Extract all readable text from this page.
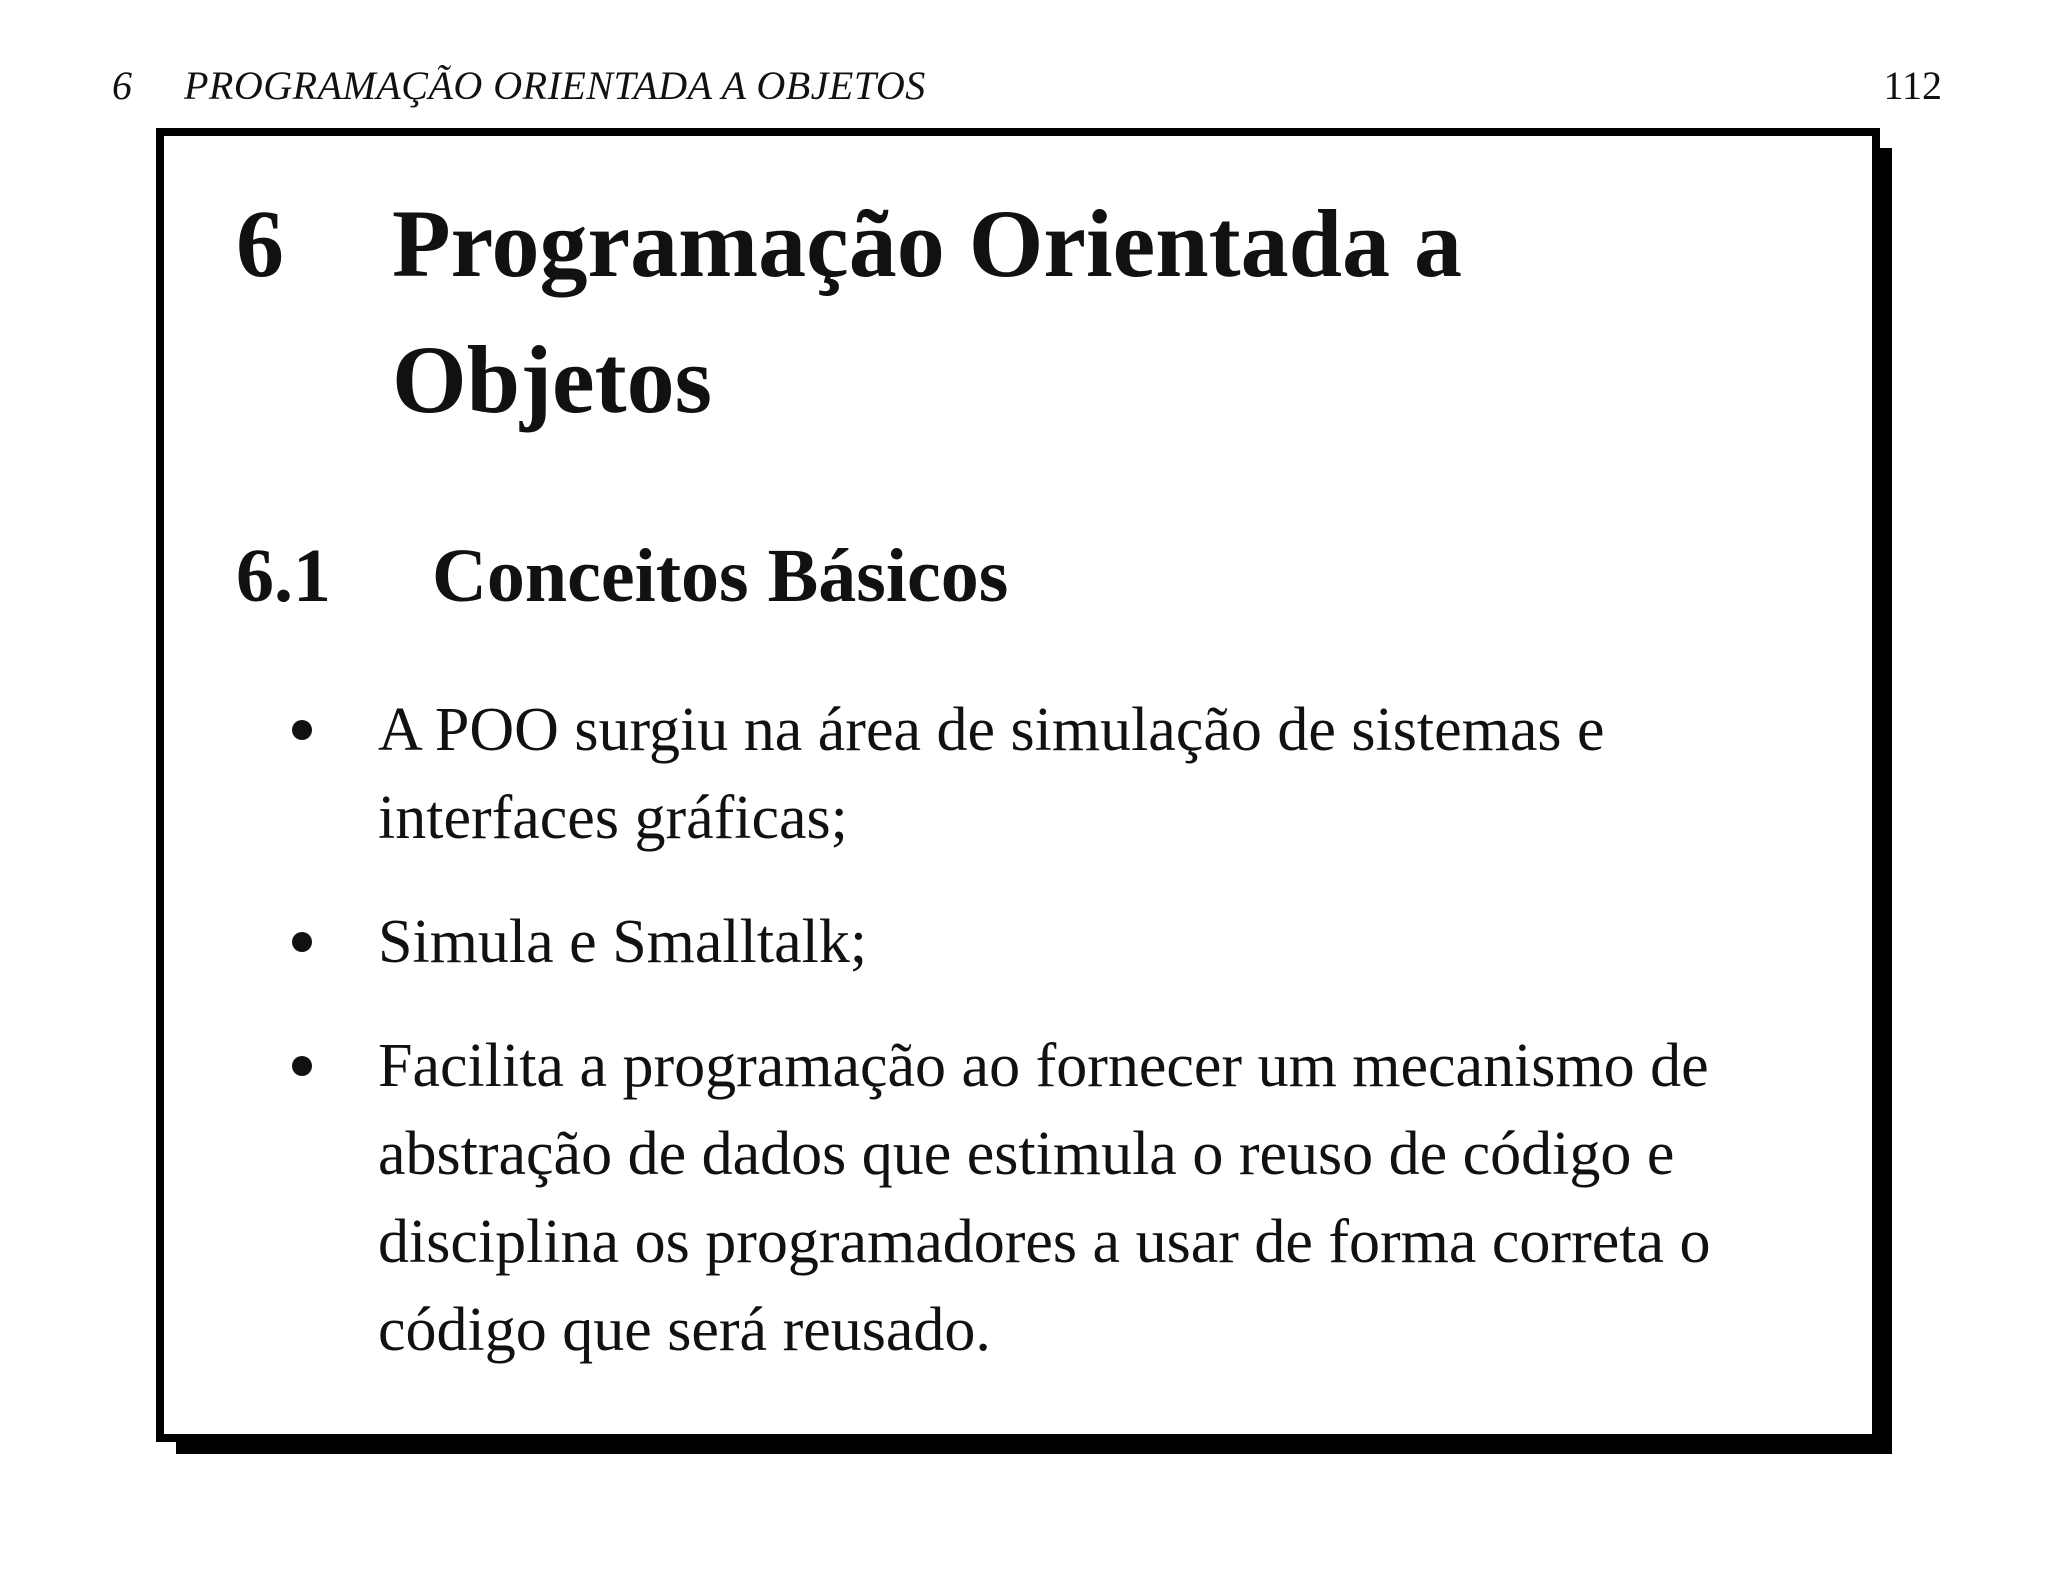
6 PROGRAMAÇÃO ORIENTADA A OBJETOS	112
6 Programação Orientada a Objetos
6.1 Conceitos Básicos
A POO surgiu na área de simulação de sistemas e interfaces gráficas;
Simula e Smalltalk;
Facilita a programação ao fornecer um mecanismo de abstração de dados que estimula o reuso de código e disciplina os programadores a usar de forma correta o código que será reusado.
